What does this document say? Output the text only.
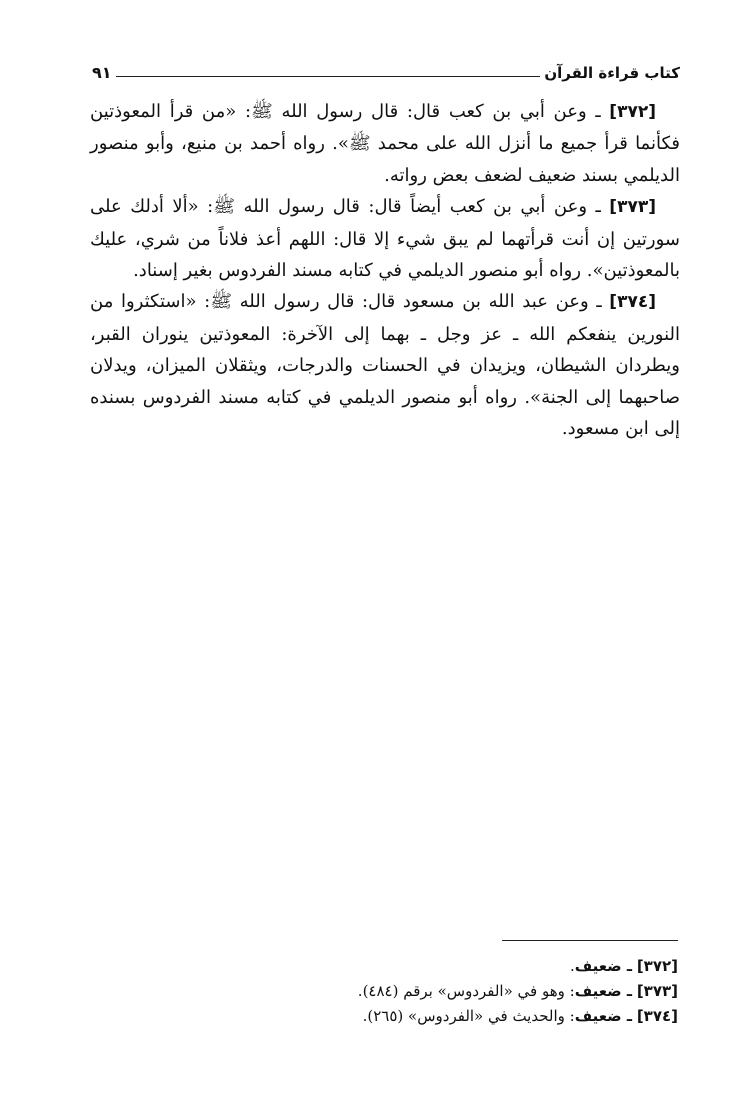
كتاب قراءة القرآن
٩١

[٣٧٢] ـ وعن أبي بن كعب قال: قال رسول الله ﷺ: «من قرأ المعوذتين فكأنما قرأ جميع ما أنزل الله على محمد ﷺ». رواه أحمد بن منيع، وأبو منصور الديلمي بسند ضعيف لضعف بعض رواته.

[٣٧٣] ـ وعن أبي بن كعب أيضاً قال: قال رسول الله ﷺ: «ألا أدلك على سورتين إن أنت قرأتهما لم يبق شيء إلا قال: اللهم أعذ فلاناً من شري، عليك بالمعوذتين». رواه أبو منصور الديلمي في كتابه مسند الفردوس بغير إسناد.

[٣٧٤] ـ وعن عبد الله بن مسعود قال: قال رسول الله ﷺ: «استكثروا من النورين ينفعكم الله ـ عز وجل ـ بهما إلى الآخرة: المعوذتين ينوران القبر، ويطردان الشيطان، ويزيدان في الحسنات والدرجات، ويثقلان الميزان، ويدلان صاحبهما إلى الجنة». رواه أبو منصور الديلمي في كتابه مسند الفردوس بسنده إلى ابن مسعود.

[٣٧٢] ـ ضعيف.

[٣٧٣] ـ ضعيف: وهو في «الفردوس» برقم (٤٨٤).

[٣٧٤] ـ ضعيف: والحديث في «الفردوس» (٢٦٥).
